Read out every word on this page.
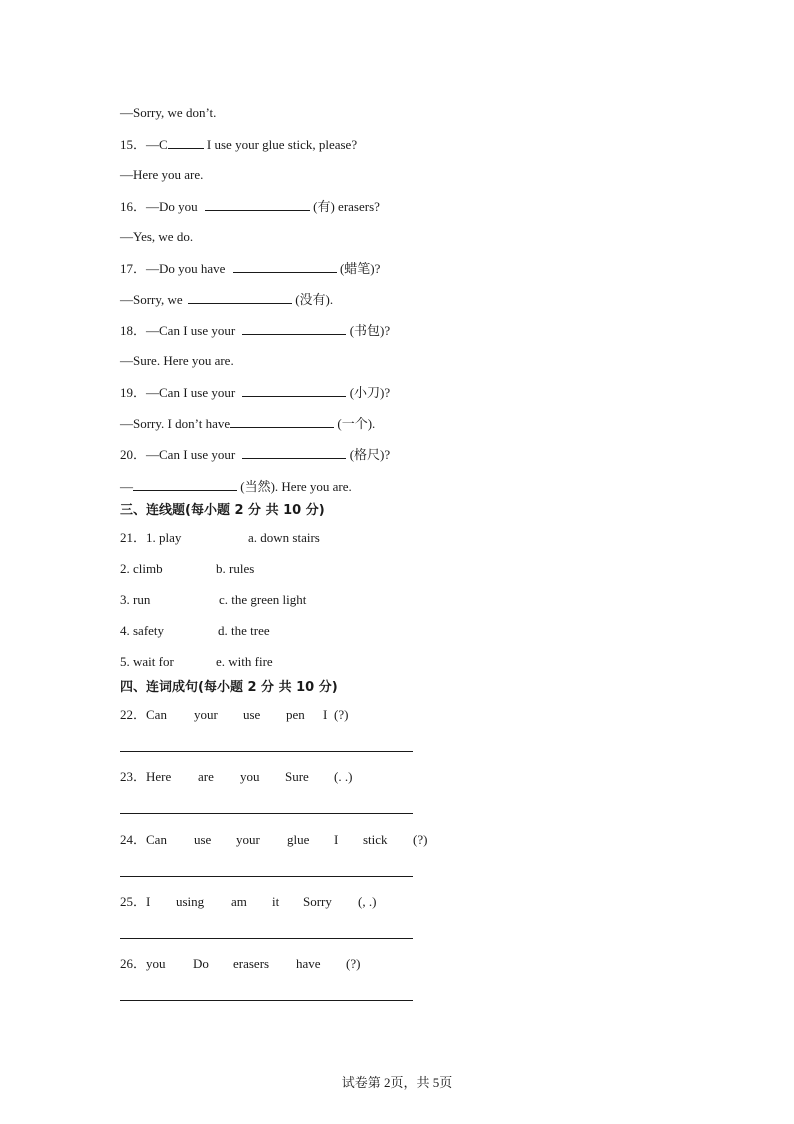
—Sorry, we don’t.
15．—C	I use your glue stick, please?
—Here you are.
16．—Do you	(有) erasers?
—Yes, we do.
17．—Do you have	(蜡笔)?
—Sorry, we	(没有).
18．—Can I use your	(书包)?
—Sure. Here you are.
19．—Can I use your	(小刀)?
—Sorry. I don’t have	(一个).
20．—Can I use your	(格尺)?
—	(当然). Here you are.
三、连线题(每小题 2 分 共 10 分)
21．1. play	a. down stairs
2. climb	b. rules
3. run	c. the green light
4. safety	d. the tree
5. wait for	e. with fire
四、连词成句(每小题 2 分 共 10 分)
22．Can your use pen I (?)
23．Here are you Sure (. .)
24．Can use your glue I stick (?)
25．I using am it Sorry (, .)
26．you Do erasers have (?)
试卷第 2页，共 5页
